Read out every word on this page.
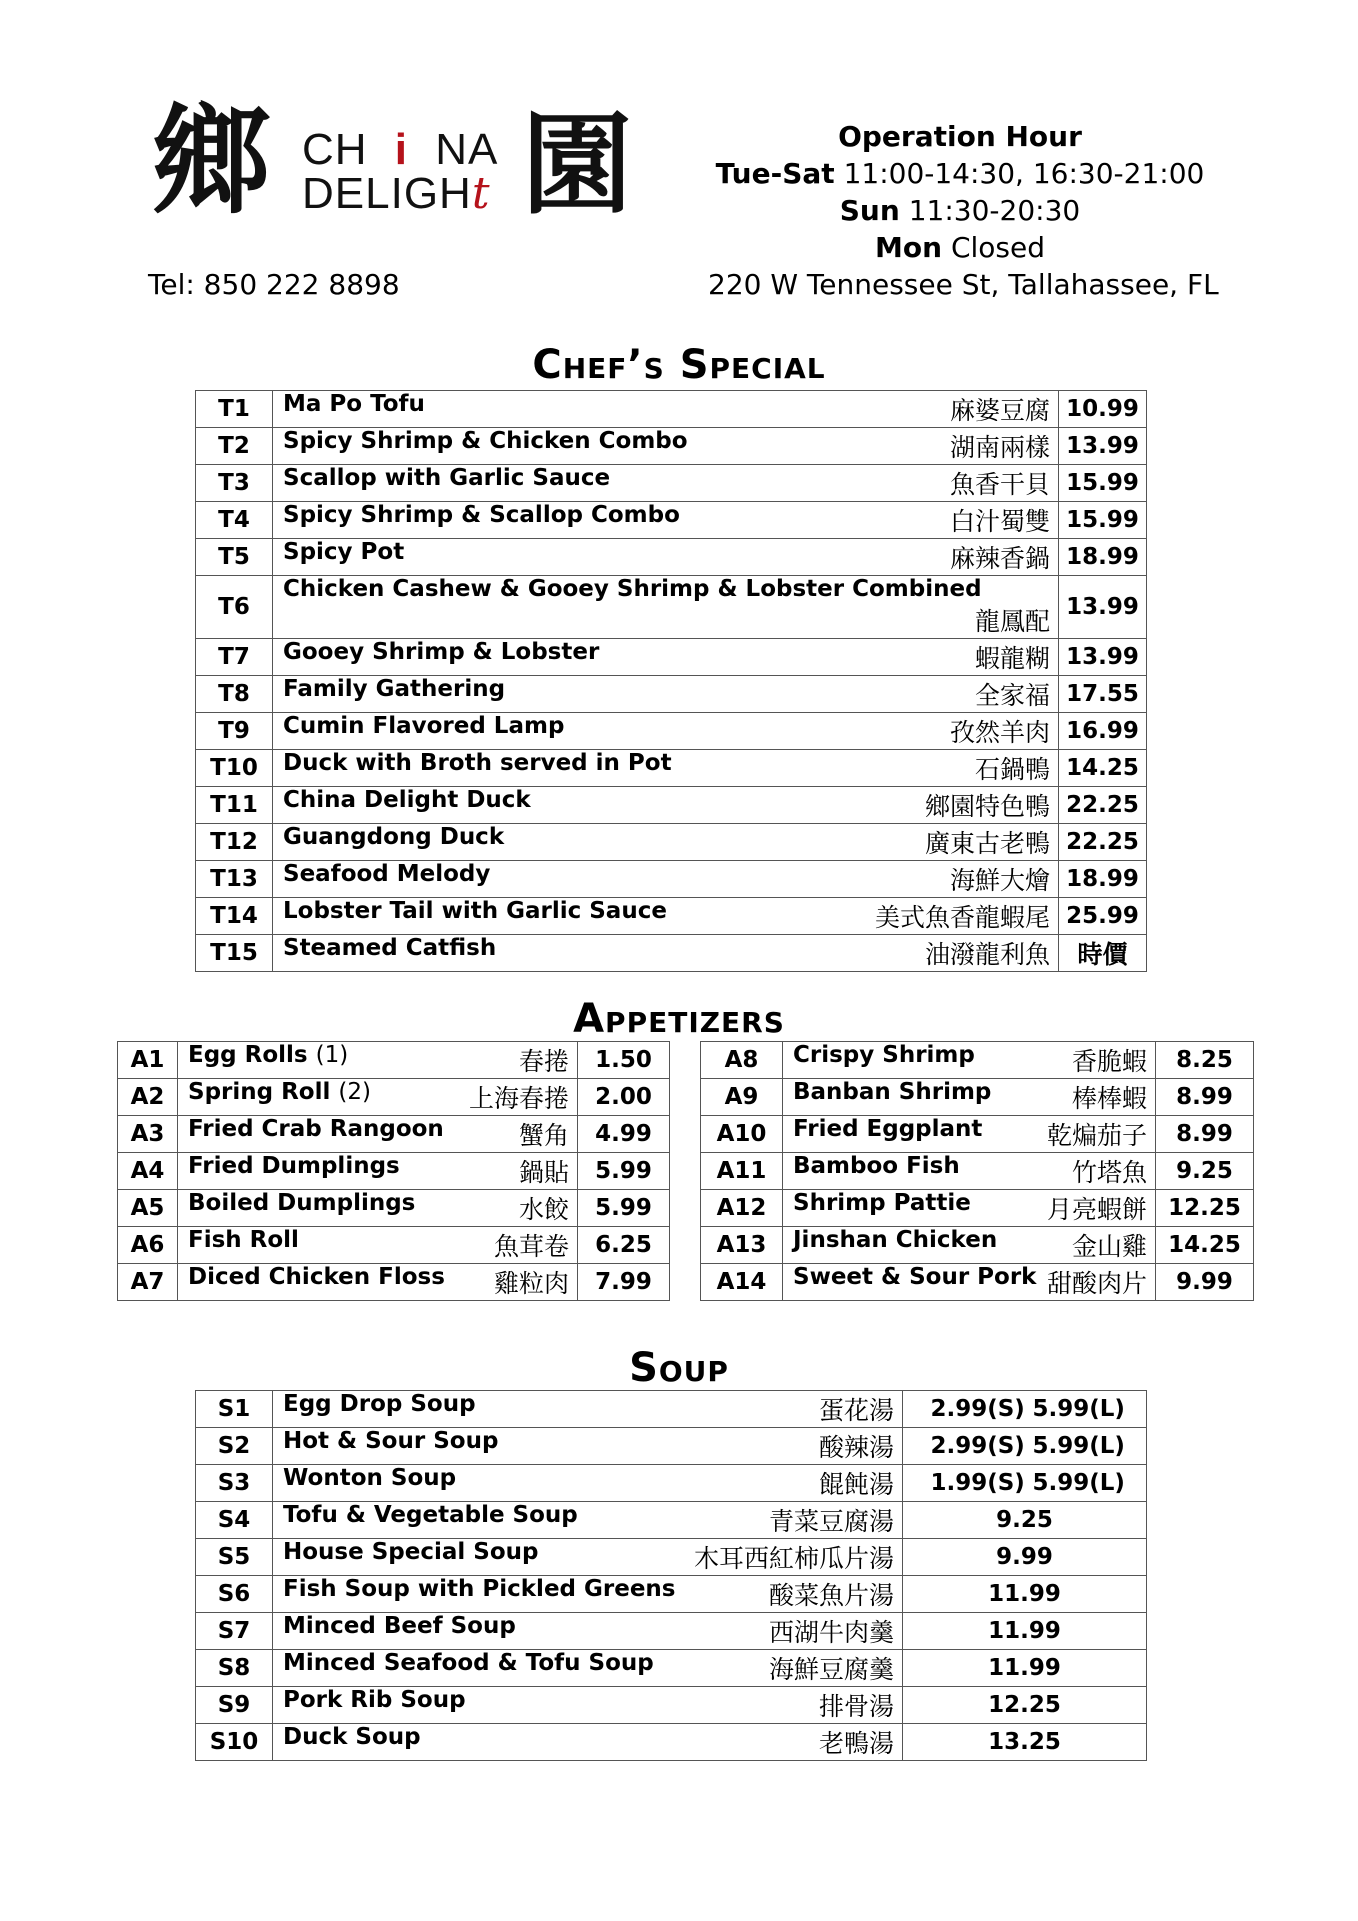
鄉 CH i NA
DELIGHt 園	Operation Hour
Tue-Sat 11:00-14:30, 16:30-21:00
Sun 11:30-20:30
Mon Closed
Tel: 850 222 8898	220 W Tennessee St, Tallahassee, FL
Chef’s Special
T1	Ma Po Tofu 麻婆豆腐	10.99
T2	Spicy Shrimp & Chicken Combo 湖南兩樣	13.99
T3	Scallop with Garlic Sauce 魚香干貝	15.99
T4	Spicy Shrimp & Scallop Combo 白汁蜀雙	15.99
T5	Spicy Pot 麻辣香鍋	18.99
T6	Chicken Cashew & Gooey Shrimp & Lobster Combined
龍鳳配	13.99
T7	Gooey Shrimp & Lobster 蝦龍糊	13.99
T8	Family Gathering 全家福	17.55
T9	Cumin Flavored Lamp 孜然羊肉	16.99
T10	Duck with Broth served in Pot 石鍋鴨	14.25
T11	China Delight Duck 鄉園特色鴨	22.25
T12	Guangdong Duck 廣東古老鴨	22.25
T13	Seafood Melody 海鮮大燴	18.99
T14	Lobster Tail with Garlic Sauce 美式魚香龍蝦尾	25.99
T15	Steamed Catfish 油潑龍利魚	時價
Appetizers
A1	Egg Rolls (1) 春捲	1.50
A2	Spring Roll (2) 上海春捲	2.00
A3	Fried Crab Rangoon 蟹角	4.99
A4	Fried Dumplings 鍋貼	5.99
A5	Boiled Dumplings 水餃	5.99
A6	Fish Roll 魚茸卷	6.25
A7	Diced Chicken Floss 雞粒肉	7.99
A8	Crispy Shrimp 香脆蝦	8.25
A9	Banban Shrimp 棒棒蝦	8.99
A10	Fried Eggplant 乾煸茄子	8.99
A11	Bamboo Fish 竹塔魚	9.25
A12	Shrimp Pattie 月亮蝦餅	12.25
A13	Jinshan Chicken 金山雞	14.25
A14	Sweet & Sour Pork 甜酸肉片	9.99
Soup
S1	Egg Drop Soup 蛋花湯	2.99(S) 5.99(L)
S2	Hot & Sour Soup 酸辣湯	2.99(S) 5.99(L)
S3	Wonton Soup 餛飩湯	1.99(S) 5.99(L)
S4	Tofu & Vegetable Soup 青菜豆腐湯	9.25
S5	House Special Soup 木耳西紅柿瓜片湯	9.99
S6	Fish Soup with Pickled Greens 酸菜魚片湯	11.99
S7	Minced Beef Soup 西湖牛肉羹	11.99
S8	Minced Seafood & Tofu Soup 海鮮豆腐羹	11.99
S9	Pork Rib Soup 排骨湯	12.25
S10	Duck Soup 老鴨湯	13.25
